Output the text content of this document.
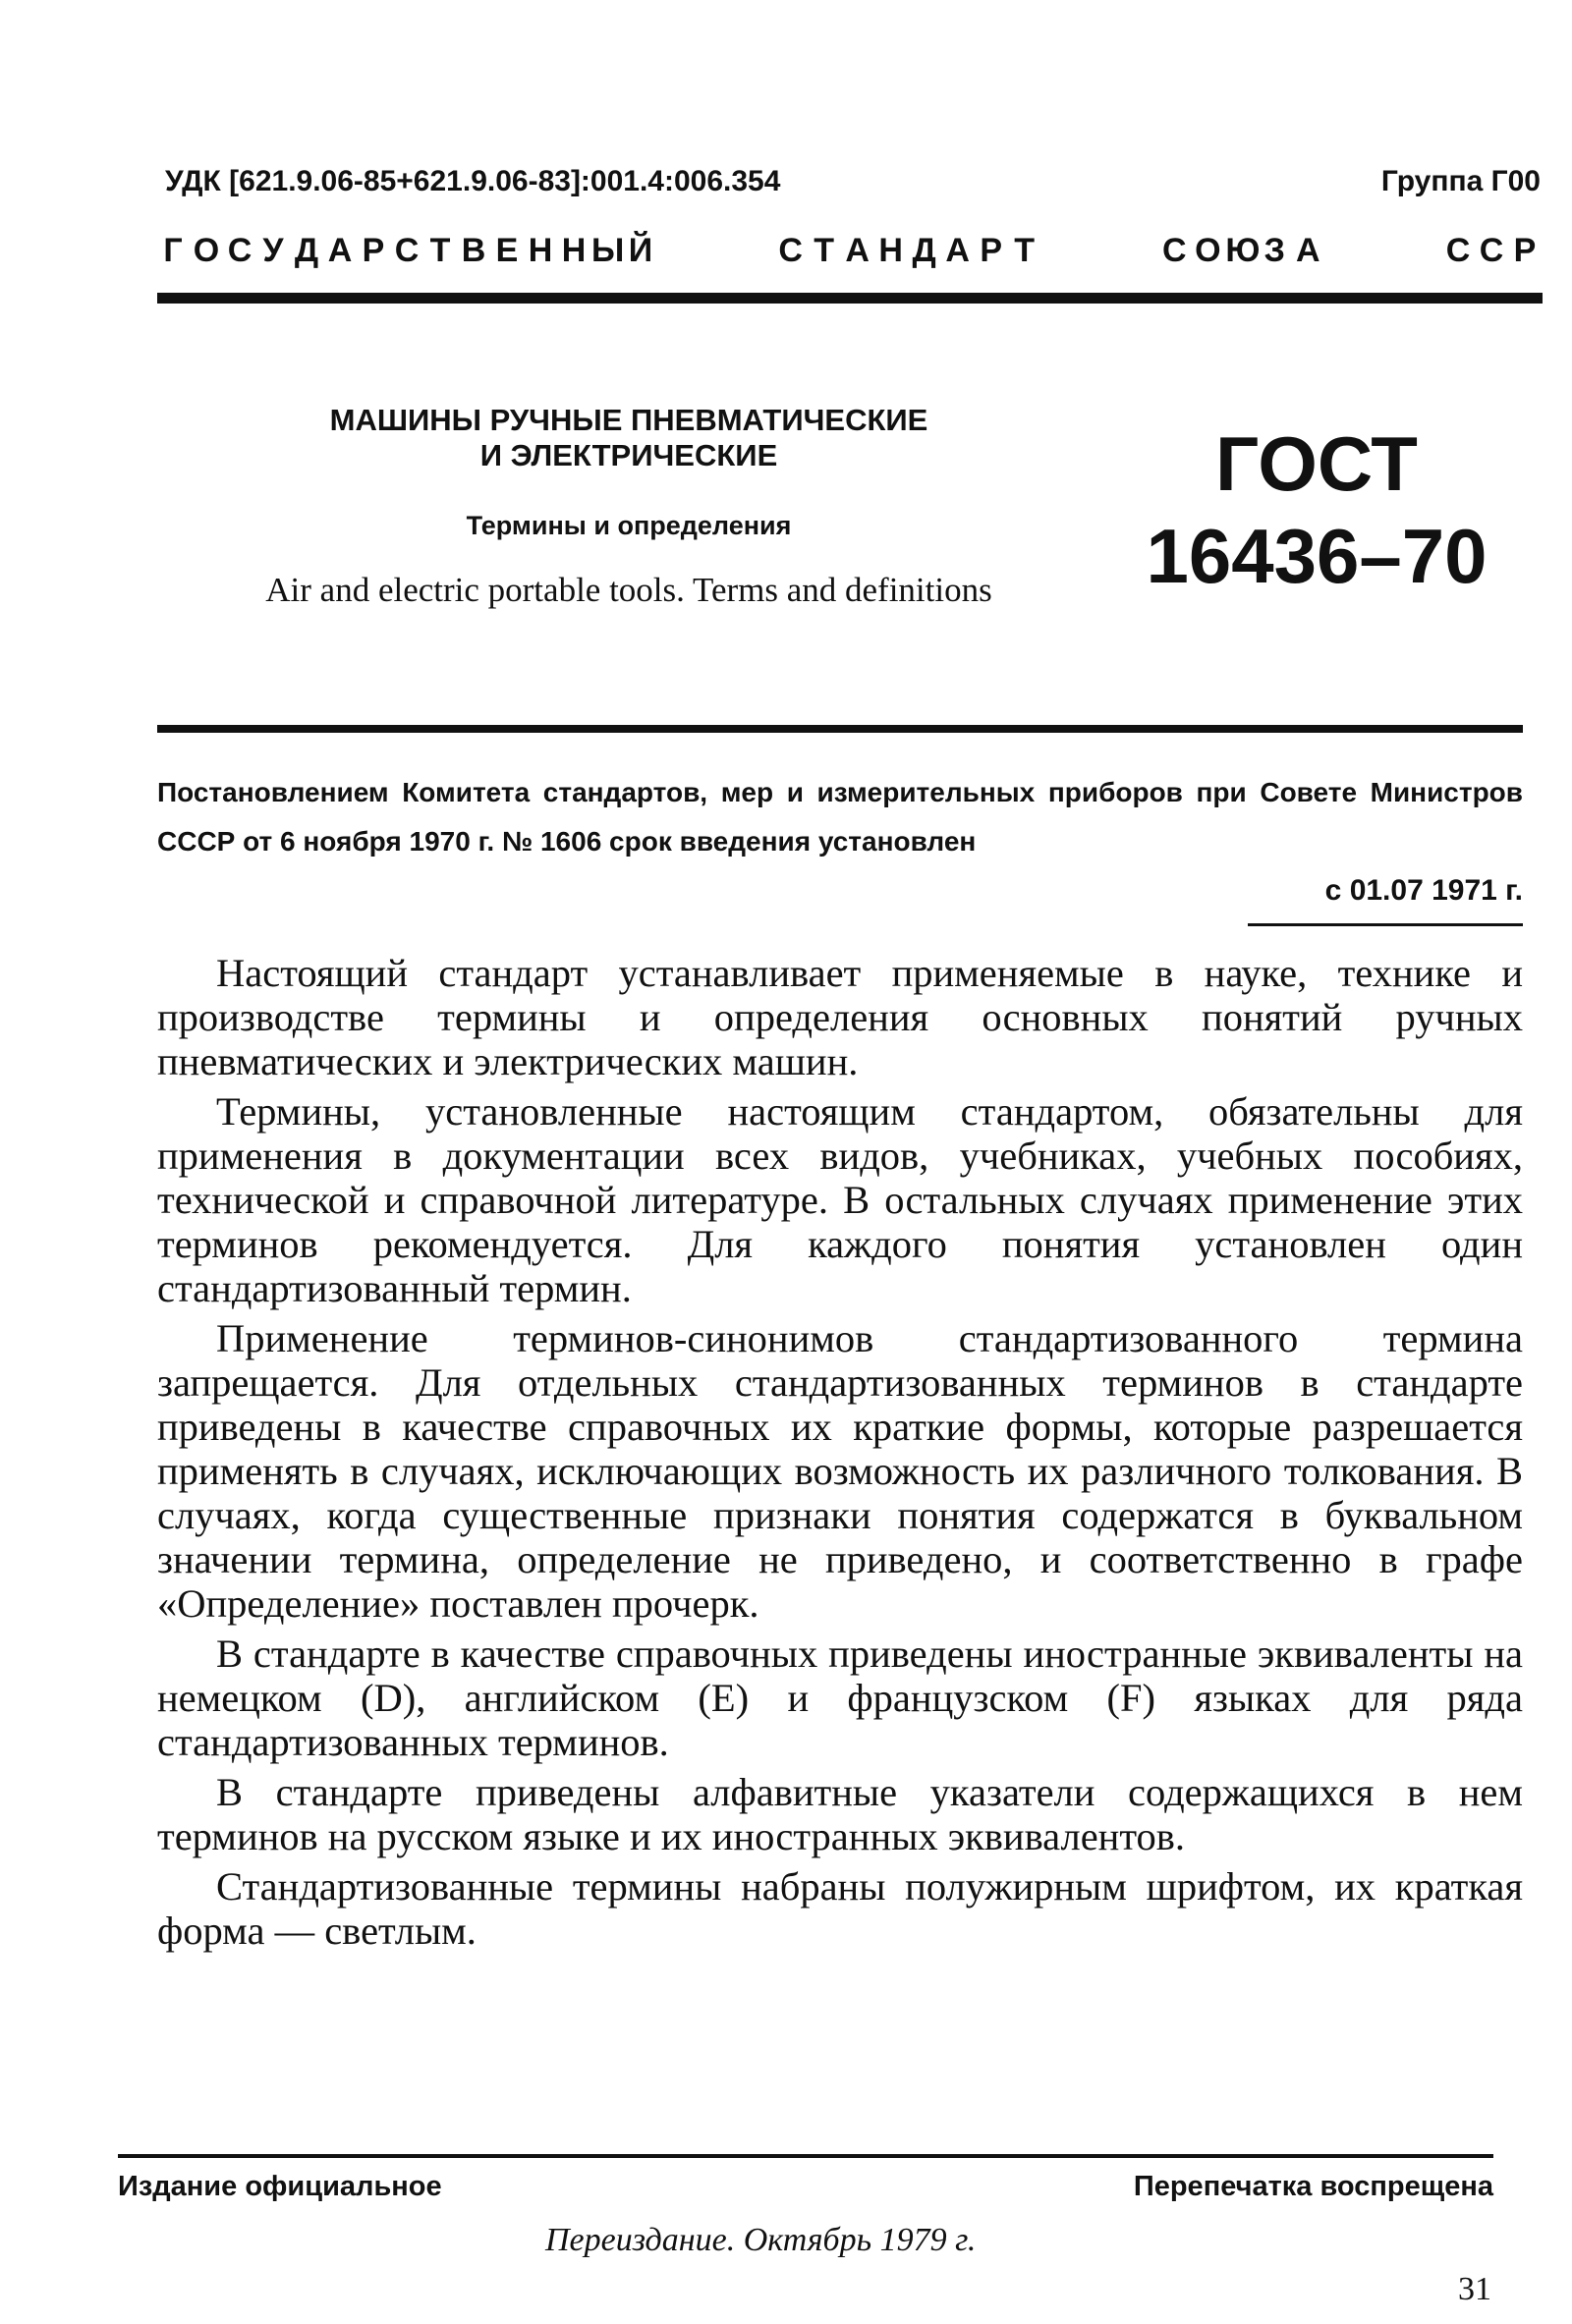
УДК [621.9.06-85+621.9.06-83]:001.4:006.354	Группа Г00
Г О С У Д А Р С Т В Е Н Н Ы Й	С Т А Н Д А Р Т	С О Ю З А	С С Р
МАШИНЫ РУЧНЫЕ ПНЕВМАТИЧЕСКИЕ
И ЭЛЕКТРИЧЕСКИЕ
Термины и определения
Air and electric portable tools. Terms and definitions
ГОСТ
16436–70
Постановлением Комитета стандартов, мер и измерительных приборов при Совете Министров СССР от 6 ноября 1970 г. № 1606 срок введения установлен
с 01.07 1971 г.

Настоящий стандарт устанавливает применяемые в науке, технике и производстве термины и определения основных понятий ручных пневматических и электрических машин.

Термины, установленные настоящим стандартом, обязательны для применения в документации всех видов, учебниках, учебных пособиях, технической и справочной литературе. В остальных случаях применение этих терминов рекомендуется. Для каждого понятия установлен один стандартизованный термин.

Применение терминов-синонимов стандартизованного термина запрещается. Для отдельных стандартизованных терминов в стандарте приведены в качестве справочных их краткие формы, которые разрешается применять в случаях, исключающих возможность их различного толкования. В случаях, когда существенные признаки понятия содержатся в буквальном значении термина, определение не приведено, и соответственно в графе «Определение» поставлен прочерк.

В стандарте в качестве справочных приведены иностранные эквиваленты на немецком (D), английском (E) и французском (F) языках для ряда стандартизованных терминов.

В стандарте приведены алфавитные указатели содержащихся в нем терминов на русском языке и их иностранных эквивалентов.

Стандартизованные термины набраны полужирным шрифтом, их краткая форма — светлым.

Издание официальное	Перепечатка воспрещена
Переиздание. Октябрь 1979 г.
31
